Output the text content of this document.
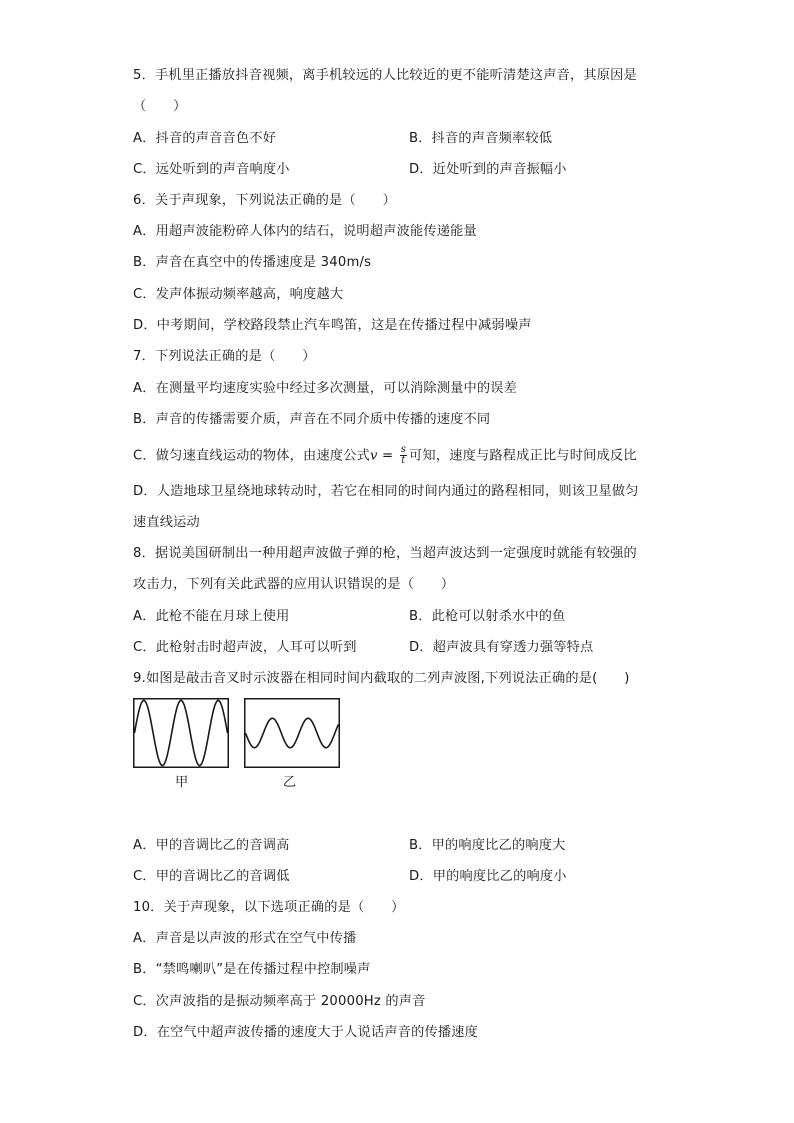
5．手机里正播放抖音视频，离手机较远的人比较近的更不能听清楚这声音，其原因是
（　　）
A．抖音的声音音色不好	B．抖音的声音频率较低
C．远处听到的声音响度小	D．近处听到的声音振幅小
6．关于声现象，下列说法正确的是（　　）
A．用超声波能粉碎人体内的结石，说明超声波能传递能量
B．声音在真空中的传播速度是 340m/s
C．发声体振动频率越高，响度越大
D．中考期间，学校路段禁止汽车鸣笛，这是在传播过程中减弱噪声
7．下列说法正确的是（　　）
A．在测量平均速度实验中经过多次测量，可以消除测量中的误差
B．声音的传播需要介质，声音在不同介质中传播的速度不同
C．做匀速直线运动的物体，由速度公式$v = \frac{s}{t}$ 可知，速度与路程成正比与时间成反比
D．人造地球卫星绕地球转动时，若它在相同的时间内通过的路程相同，则该卫星做匀
速直线运动
8．据说美国研制出一种用超声波做子弹的枪，当超声波达到一定强度时就能有较强的
攻击力，下列有关此武器的应用认识错误的是（　　）
A．此枪不能在月球上使用	B．此枪可以射杀水中的鱼
C．此枪射击时超声波，人耳可以听到	D．超声波具有穿透力强等特点
9.如图是敲击音叉时示波器在相同时间内截取的二列声波图,下列说法正确的是(　　)
甲	乙
A．甲的音调比乙的音调高	B．甲的响度比乙的响度大
C．甲的音调比乙的音调低	D．甲的响度比乙的响度小
10．关于声现象，以下选项正确的是（　　）
A．声音是以声波的形式在空气中传播
B．“禁鸣喇叭”是在传播过程中控制噪声
C．次声波指的是振动频率高于 20000Hz 的声音
D．在空气中超声波传播的速度大于人说话声音的传播速度
